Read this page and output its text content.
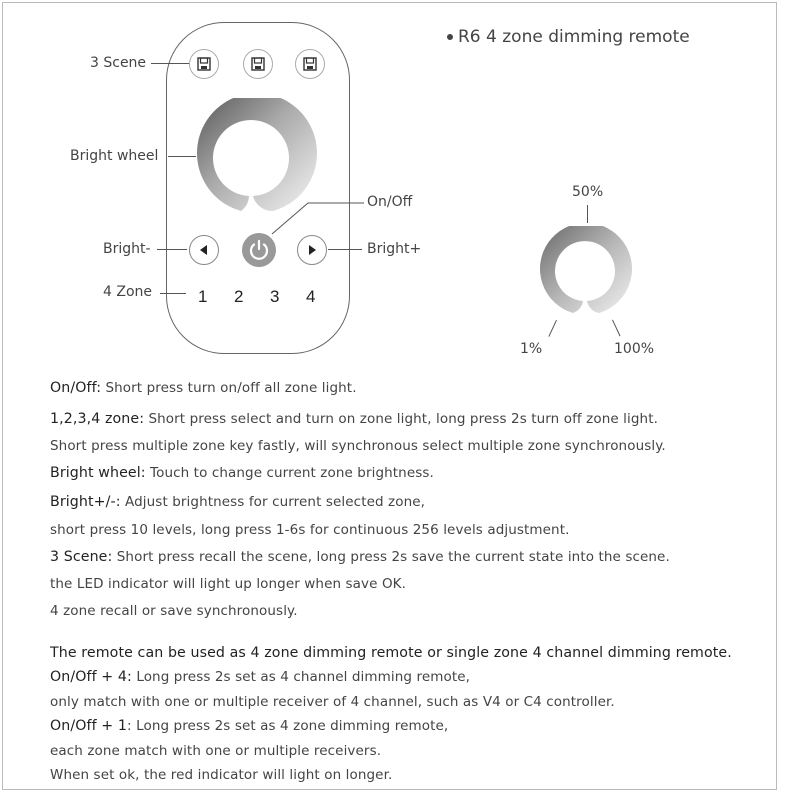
R6 4 zone dimming remote
1 2 3 4
3 Scene
Bright wheel
On/Off
Bright-	Bright+
4 Zone
50%
1%	100%
On/Off: Short press turn on/off all zone light.
1,2,3,4 zone: Short press select and turn on zone light, long press 2s turn off zone light.
Short press multiple zone key fastly, will synchronous select multiple zone synchronously.
Bright wheel: Touch to change current zone brightness.
Bright+/-: Adjust brightness for current selected zone,
short press 10 levels, long press 1-6s for continuous 256 levels adjustment.
3 Scene: Short press recall the scene, long press 2s save the current state into the scene.
the LED indicator will light up longer when save OK.
4 zone recall or save synchronously.
The remote can be used as 4 zone dimming remote or single zone 4 channel dimming remote.
On/Off + 4: Long press 2s set as 4 channel dimming remote,
only match with one or multiple receiver of 4 channel, such as V4 or C4 controller.
On/Off + 1: Long press 2s set as 4 zone dimming remote,
each zone match with one or multiple receivers.
When set ok, the red indicator will light on longer.
